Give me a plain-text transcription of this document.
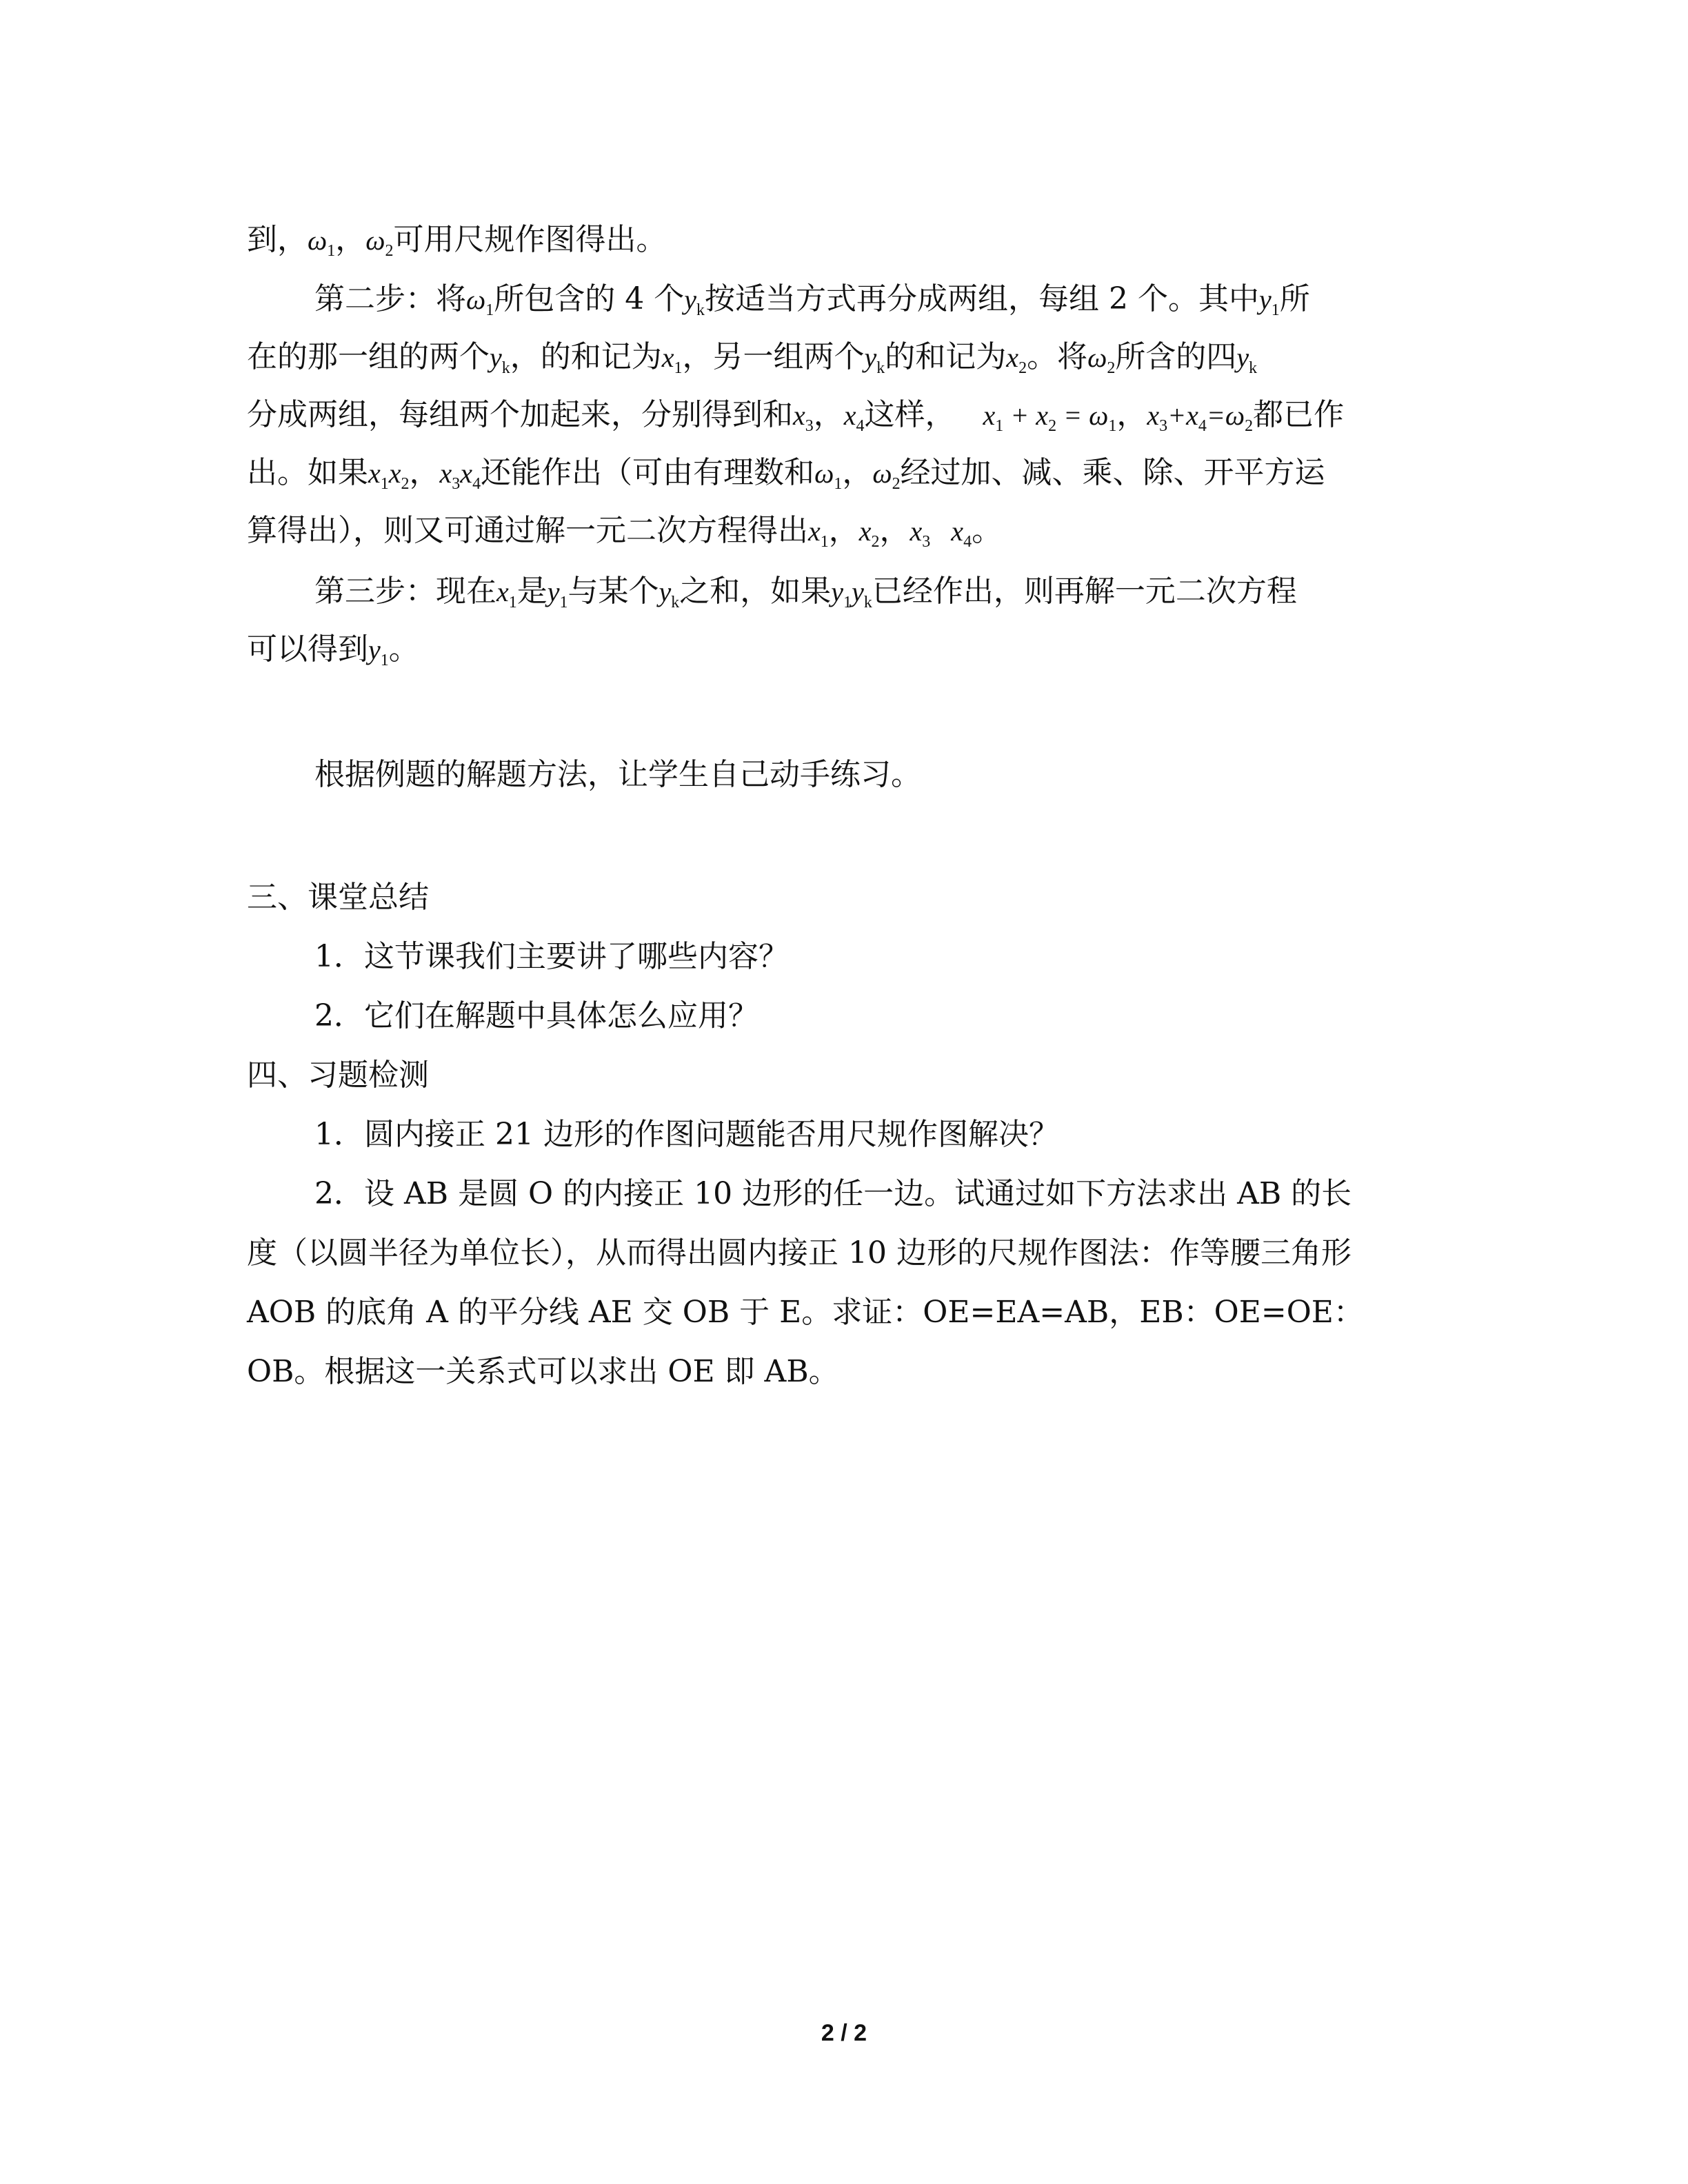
到，$\omega_1$，$\omega_2$可用尺规作图得出。
第二步：将$\omega_1$所包含的 4 个$y_k$按适当方式再分成两组，每组 2 个。其中$y_1$所
在的那一组的两个$y_k$，的和记为$x_1$，另一组两个$y_k$的和记为$x_2$。将$\omega_2$所含的四$y_k$
分成两组，每组两个加起来，分别得到和$x_3$，$x_4$这样， $x_1 + x_2 = \omega_1$，$x_3+x_4=\omega_2$都已作
出。如果$x_1x_2$，$x_3x_4$还能作出（可由有理数和$\omega_1$，$\omega_2$经过加、减、乘、除、开平方运
算得出），则又可通过解一元二次方程得出$x_1$，$x_2$，$x_3$ $x_4$。
第三步：现在$x_1$是$y_1$与某个$y_k$之和，如果$y_1y_k$已经作出，则再解一元二次方程
可以得到$y_1$。
根据例题的解题方法，让学生自己动手练习。
三、课堂总结
1．这节课我们主要讲了哪些内容？
2．它们在解题中具体怎么应用？
四、习题检测
1．圆内接正 21 边形的作图问题能否用尺规作图解决？
2．设 AB 是圆 O 的内接正 10 边形的任一边。试通过如下方法求出 AB 的长
度（以圆半径为单位长），从而得出圆内接正 10 边形的尺规作图法：作等腰三角形
AOB 的底角 A 的平分线 AE 交 OB 于 E。求证：OE=EA=AB，EB：OE=OE：
OB。根据这一关系式可以求出 OE 即 AB。
2 / 2
